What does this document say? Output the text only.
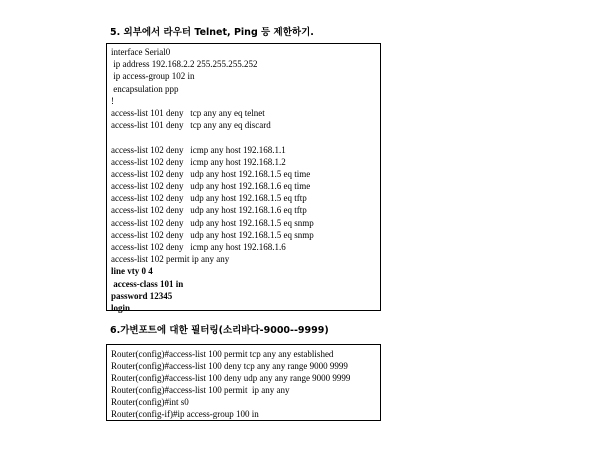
5. 외부에서 라우터 Telnet, Ping 등 제한하기.
interface Serial0
ip address 192.168.2.2 255.255.255.252
ip access-group 102 in
encapsulation ppp
!
access-list 101 deny   tcp any any eq telnet
access-list 101 deny   tcp any any eq discard
access-list 102 deny   icmp any host 192.168.1.1
access-list 102 deny   icmp any host 192.168.1.2
access-list 102 deny   udp any host 192.168.1.5 eq time
access-list 102 deny   udp any host 192.168.1.6 eq time
access-list 102 deny   udp any host 192.168.1.5 eq tftp
access-list 102 deny   udp any host 192.168.1.6 eq tftp
access-list 102 deny   udp any host 192.168.1.5 eq snmp
access-list 102 deny   udp any host 192.168.1.5 eq snmp
access-list 102 deny   icmp any host 192.168.1.6
access-list 102 permit ip any any
line vty 0 4
access-class 101 in
password 12345
login
6.가변포트에 대한 필터링(소리바다-9000--9999)
Router(config)#access-list 100 permit tcp any any established
Router(config)#access-list 100 deny tcp any any range 9000 9999
Router(config)#access-list 100 deny udp any any range 9000 9999
Router(config)#access-list 100 permit  ip any any
Router(config)#int s0
Router(config-if)#ip access-group 100 in
